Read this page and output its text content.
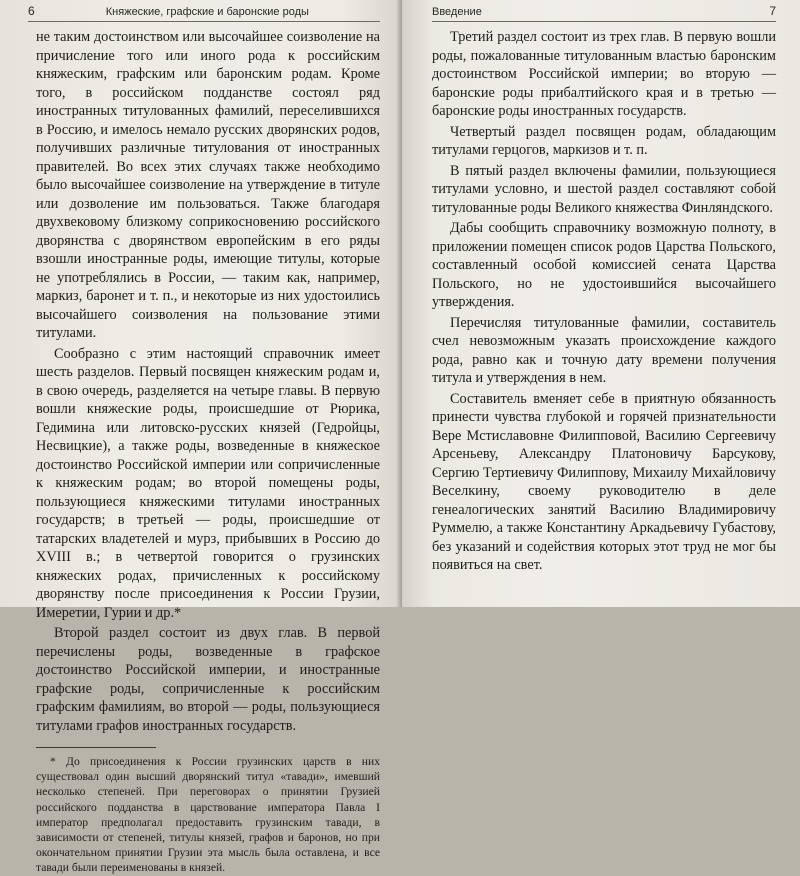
6	Княжеские, графские и баронские роды

не таким достоинством или высочайшее соизволение на причисление того или иного рода к российским княжеским, графским или баронским родам. Кроме того, в российском подданстве состоял ряд иностранных титулованных фамилий, переселившихся в Россию, и имелось немало русских дворянских родов, получивших различные титулования от иностранных правителей. Во всех этих случаях также необходимо было высочайшее соизволение на утверждение в титуле или дозволение им пользоваться. Также благодаря двухвековому близкому соприкосновению российского дворянства с дворянством европейским в его ряды взошли иностранные роды, имеющие титулы, которые не употреблялись в России, — таким как, например, маркиз, баронет и т. п., и некоторые из них удостоились высочайшего соизволения на пользование этими титулами.

Сообразно с этим настоящий справочник имеет шесть разделов. Первый посвящен княжеским родам и, в свою очередь, разделяется на четыре главы. В первую вошли княжеские роды, происшедшие от Рюрика, Гедимина или литовско-русских князей (Гедройцы, Несвицкие), а также роды, возведенные в княжеское достоинство Российской империи или сопричисленные к княжеским родам; во второй помещены роды, пользующиеся княжескими титулами иностранных государств; в третьей — роды, происшедшие от татарских владетелей и мурз, прибывших в Россию до XVIII в.; в четвертой говорится о грузинских княжеских родах, причисленных к российскому дворянству после присоединения к России Грузии, Имеретии, Гурии и др.*

Второй раздел состоит из двух глав. В первой перечислены роды, возведенные в графское достоинство Российской империи, и иностранные графские роды, сопричисленные к российским графским фамилиям, во второй — роды, пользующиеся титулами графов иностранных государств.

* До присоединения к России грузинских царств в них существовал один высший дворянский титул «тавади», имевший несколько степеней. При переговорах о принятии Грузией российского подданства в царствование императора Павла I император предполагал предоставить грузинским тавади, в зависимости от степеней, титулы князей, графов и баронов, но при окончательном принятии Грузии эта мысль была оставлена, и все тавади были переименованы в князей.

Введение	7

Третий раздел состоит из трех глав. В первую вошли роды, пожалованные титулованным властью баронским достоинством Российской империи; во вторую — баронские роды прибалтийского края и в третью — баронские роды иностранных государств.

Четвертый раздел посвящен родам, обладающим титулами герцогов, маркизов и т. п.

В пятый раздел включены фамилии, пользующиеся титулами условно, и шестой раздел составляют собой титулованные роды Великого княжества Финляндского.

Дабы сообщить справочнику возможную полноту, в приложении помещен список родов Царства Польского, составленный особой комиссией сената Царства Польского, но не удостоившийся высочайшего утверждения.

Перечисляя титулованные фамилии, составитель счел невозможным указать происхождение каждого рода, равно как и точную дату времени получения титула и утверждения в нем.

Составитель вменяет себе в приятную обязанность принести чувства глубокой и горячей признательности Вере Мстиславовне Филипповой, Василию Сергеевичу Арсеньеву, Александру Платоновичу Барсукову, Сергию Тертиевичу Филиппову, Михаилу Михайловичу Веселкину, своему руководителю в деле генеалогических занятий Василию Владимировичу Руммелю, а также Константину Аркадьевичу Губастову, без указаний и содействия которых этот труд не мог бы появиться на свет.
